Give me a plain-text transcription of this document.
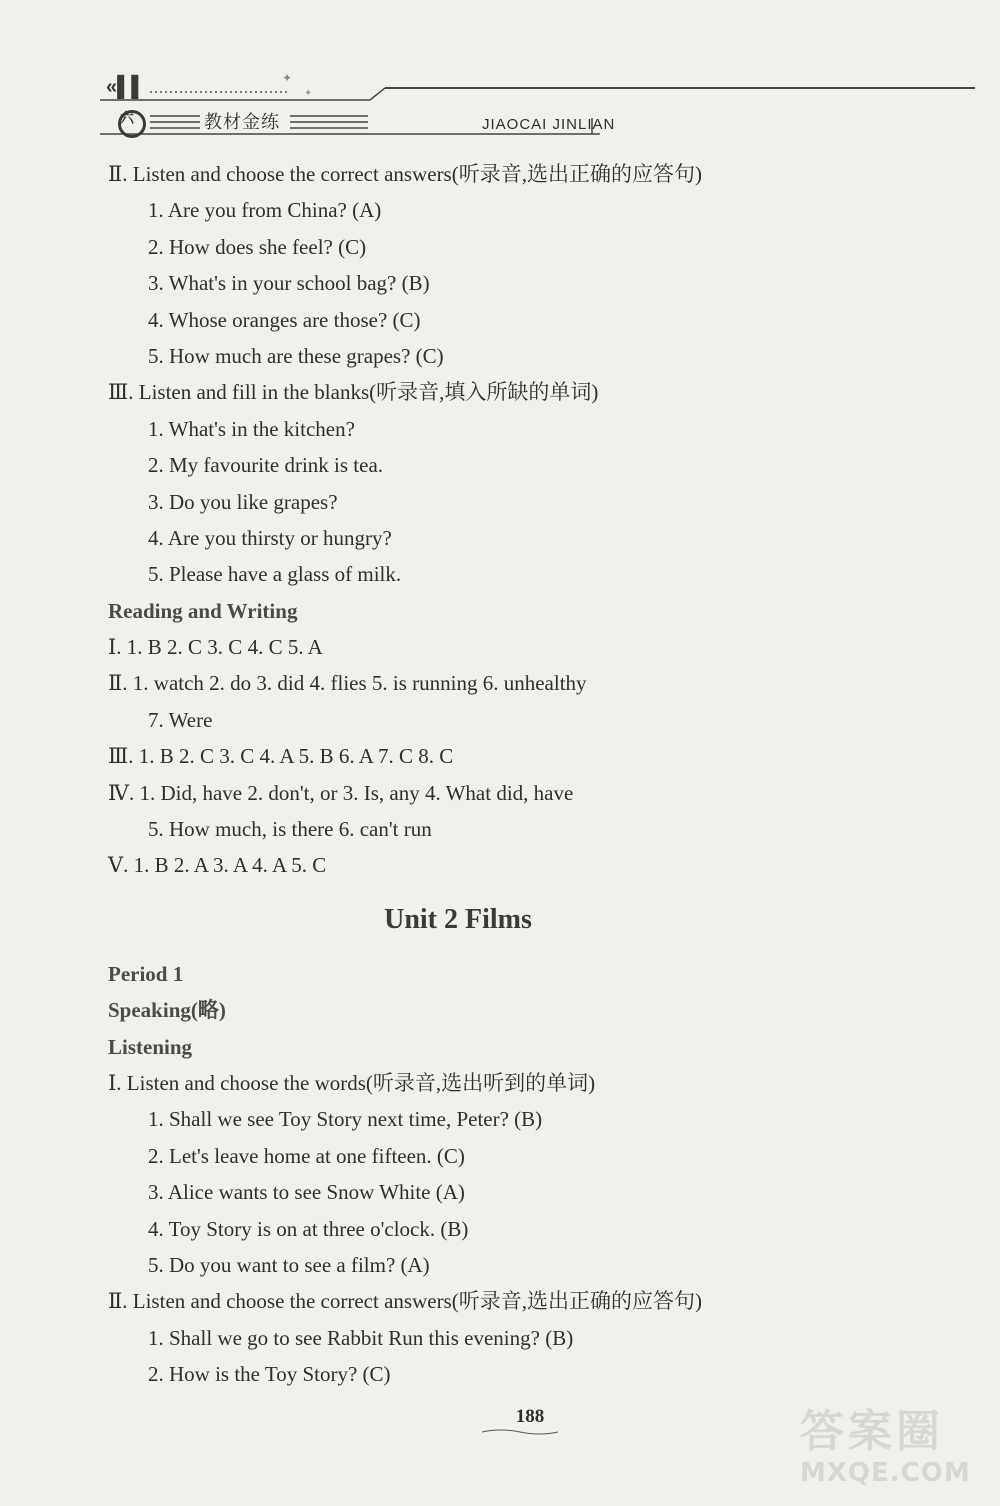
✦
✦
«▌▌
六	教材金练	JIAOCAI JINLIAN
Ⅱ. Listen and choose the correct answers(听录音,选出正确的应答句)
1. Are you from China? (A)
2. How does she feel? (C)
3. What's in your school bag? (B)
4. Whose oranges are those? (C)
5. How much are these grapes? (C)
Ⅲ. Listen and fill in the blanks(听录音,填入所缺的单词)
1. What's in the kitchen?
2. My favourite drink is tea.
3. Do you like grapes?
4. Are you thirsty or hungry?
5. Please have a glass of milk.
Reading and Writing
Ⅰ. 1. B 2. C 3. C 4. C 5. A
Ⅱ. 1. watch 2. do 3. did 4. flies 5. is running 6. unhealthy
7. Were
Ⅲ. 1. B 2. C 3. C 4. A 5. B 6. A 7. C 8. C
Ⅳ. 1. Did, have 2. don't, or 3. Is, any 4. What did, have
5. How much, is there 6. can't run
Ⅴ. 1. B 2. A 3. A 4. A 5. C
Unit 2 Films
Period 1
Speaking(略)
Listening
Ⅰ. Listen and choose the words(听录音,选出听到的单词)
1. Shall we see Toy Story next time, Peter? (B)
2. Let's leave home at one fifteen. (C)
3. Alice wants to see Snow White (A)
4. Toy Story is on at three o'clock. (B)
5. Do you want to see a film? (A)
Ⅱ. Listen and choose the correct answers(听录音,选出正确的应答句)
1. Shall we go to see Rabbit Run this evening? (B)
2. How is the Toy Story? (C)
188	答案圈
MXQE.COM
